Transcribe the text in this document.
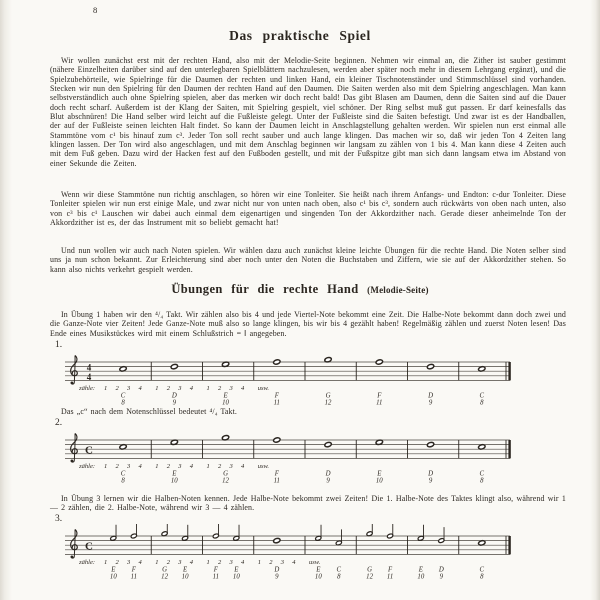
8
Das praktische Spiel

Wir wollen zunächst erst mit der rechten Hand, also mit der Melodie-Seite beginnen. Nehmen wir einmal an, die Zither ist sauber gestimmt (nähere Einzelheiten darüber sind auf den unterlegbaren Spielblättern nachzulesen, werden aber später noch mehr in diesem Lehrgang ergänzt), und die Spielzubehörteile, wie Spielringe für die Daumen der rechten und linken Hand, ein kleiner Tischnotenständer und Stimmschlüssel sind vorhanden. Stecken wir nun den Spielring für den Daumen der rechten Hand auf den Daumen. Die Saiten werden also mit dem Spielring angeschlagen. Man kann selbstverständlich auch ohne Spielring spielen, aber das merken wir doch recht bald! Das gibt Blasen am Daumen, denn die Saiten sind auf die Dauer doch recht scharf. Außerdem ist der Klang der Saiten, mit Spielring gespielt, viel schöner. Der Ring selbst muß gut passen. Er darf keinesfalls das Blut abschnüren! Die Hand selber wird leicht auf die Fußleiste gelegt. Unter der Fußleiste sind die Saiten befestigt. Und zwar ist es der Handballen, der auf der Fußleiste seinen leichten Halt findet. So kann der Daumen leicht in Anschlagstellung gehalten werden. Wir spielen nun erst einmal alle Stammtöne vom c¹ bis hinauf zum c³. Jeder Ton soll recht sauber und auch lange klingen. Das machen wir so, daß wir jeden Ton 4 Zeiten lang klingen lassen. Der Ton wird also angeschlagen, und mit dem Anschlag beginnen wir langsam zu zählen von 1 bis 4. Man kann diese 4 Zeiten auch mit dem Fuß geben. Dazu wird der Hacken fest auf den Fußboden gestellt, und mit der Fußspitze gibt man sich dann langsam etwa im Abstand von einer Sekunde die Zeiten.

Wenn wir diese Stammtöne nun richtig anschlagen, so hören wir eine Tonleiter. Sie heißt nach ihrem Anfangs- und Endton: c-dur Tonleiter. Diese Tonleiter spielen wir nun erst einige Male, und zwar nicht nur von unten nach oben, also c¹ bis c³, sondern auch rückwärts von oben nach unten, also von c³ bis c¹ Lauschen wir dabei auch einmal dem eigenartigen und singenden Ton der Akkordzither nach. Gerade dieser anheimelnde Ton der Akkordzither ist es, der das Instrument mit so beliebt gemacht hat!

Und nun wollen wir auch nach Noten spielen. Wir wählen dazu auch zunächst kleine leichte Übungen für die rechte Hand. Die Noten selber sind uns ja nun schon bekannt. Zur Erleichterung sind aber noch unter den Noten die Buchstaben und Ziffern, wie sie auf der Akkordzither stehen. So kann also nichts verkehrt gespielt werden.

Übungen für die rechte Hand (Melodie-Seite)

In Übung 1 haben wir den ⁴/₄ Takt. Wir zählen also bis 4 und jede Viertel-Note bekommt eine Zeit. Die Halbe-Note bekommt dann doch zwei und die Ganze-Note vier Zeiten! Jede Ganze-Note muß also so lange klingen, bis wir bis 4 gezählt haben! Regelmäßig zählen und zuerst Noten lesen! Das Ende eines Musikstückes wird mit einem Schlußstrich = ‖ angegeben.

1.
4
4
C
8
D
9
E
10
F
11
G
12
F
11
D
9
C
8
zähle: 1 2 3 4 1 2 3 4 1 2 3 4 usw.

Das „c“ nach dem Notenschlüssel bedeutet ⁴/₄ Takt.

2.
C
C
8
E
10
G
12
F
11
D
9
E
10
D
9
C
8
zähle: 1 2 3 4 1 2 3 4 1 2 3 4 usw.

In Übung 3 lernen wir die Halben-Noten kennen. Jede Halbe-Note bekommt zwei Zeiten! Die 1. Halbe-Note des Taktes klingt also, während wir 1 — 2 zählen, die 2. Halbe-Note, während wir 3 — 4 zählen.

3.
C
E
10
F
11
G
12
E
10
F
11
E
10
D
9
E
10
C
8
G
12
F
11
E
10
D
9
C
8
zähle: 1 2 3 4 1 2 3 4 1 2 3 4 1 2 3 4 usw.
